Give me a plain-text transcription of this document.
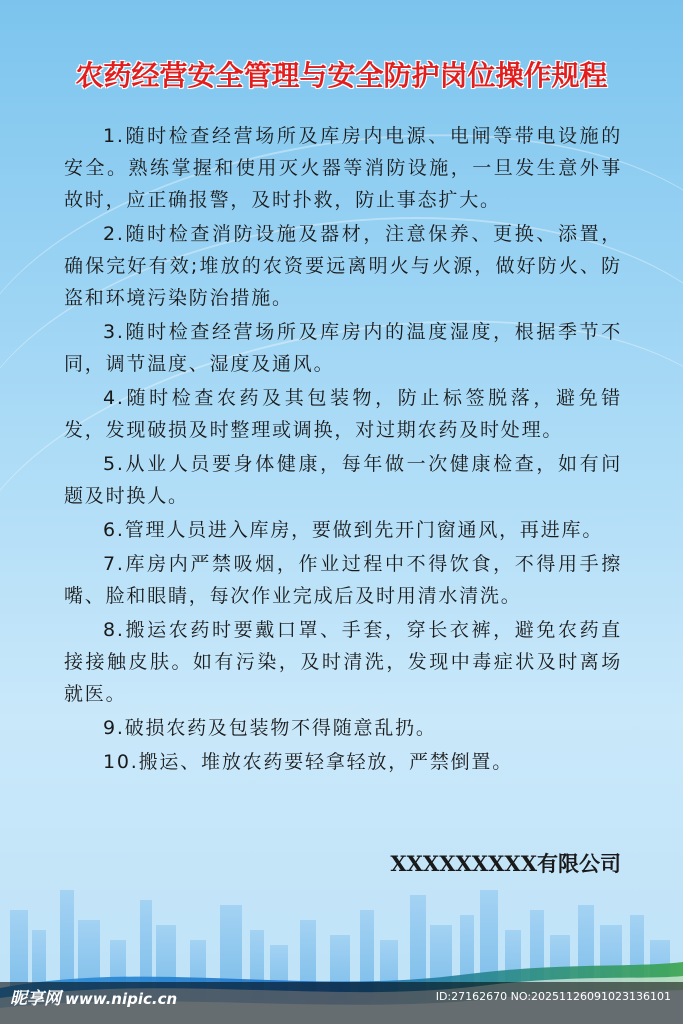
农药经营安全管理与安全防护岗位操作规程

1.随时检查经营场所及库房内电源、电闸等带电设施的安全。熟练掌握和使用灭火器等消防设施，一旦发生意外事故时，应正确报警，及时扑救，防止事态扩大。

2.随时检查消防设施及器材，注意保养、更换、添置，确保完好有效;堆放的农资要远离明火与火源，做好防火、防盗和环境污染防治措施。

3.随时检查经营场所及库房内的温度湿度，根据季节不同，调节温度、湿度及通风。

4.随时检查农药及其包装物，防止标签脱落，避免错发，发现破损及时整理或调换，对过期农药及时处理。

5.从业人员要身体健康，每年做一次健康检查，如有问题及时换人。

6.管理人员进入库房，要做到先开门窗通风，再进库。

7.库房内严禁吸烟，作业过程中不得饮食，不得用手擦嘴、脸和眼睛，每次作业完成后及时用清水清洗。

8.搬运农药时要戴口罩、手套，穿长衣裤，避免农药直接接触皮肤。如有污染，及时清洗，发现中毒症状及时离场就医。

9.破损农药及包装物不得随意乱扔。

10.搬运、堆放农药要轻拿轻放，严禁倒置。

XXXXXXXXX有限公司
昵享网 www.nipic.cn	ID:27162670 NO:20251126091023136101
